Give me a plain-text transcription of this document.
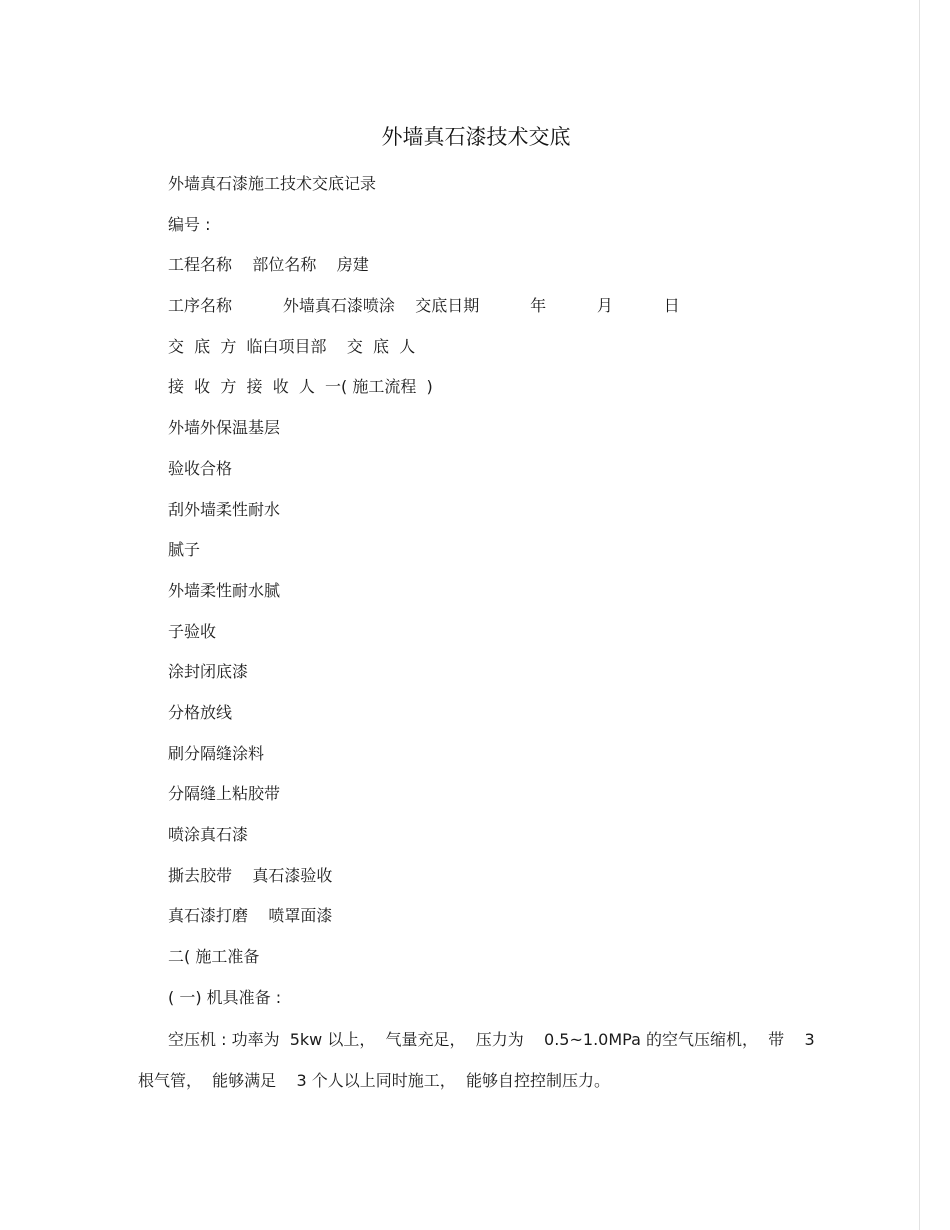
外墙真石漆技术交底
外墙真石漆施工技术交底记录
编号 :
工程名称    部位名称    房建
工序名称          外墙真石漆喷涂    交底日期          年          月          日
交  底  方  临白项目部    交  底  人
接  收  方  接  收  人  一( 施工流程  )
外墙外保温基层
验收合格
刮外墙柔性耐水
腻子
外墙柔性耐水腻
子验收
涂封闭底漆
分格放线
刷分隔缝涂料
分隔缝上粘胶带
喷涂真石漆
撕去胶带    真石漆验收
真石漆打磨    喷罩面漆
二( 施工准备
( 一) 机具准备 :
空压机 : 功率为  5kw 以上，  气量充足，  压力为    0.5~1.0MPa 的空气压缩机，  带    3
根气管，  能够满足    3 个人以上同时施工，  能够自控控制压力。
